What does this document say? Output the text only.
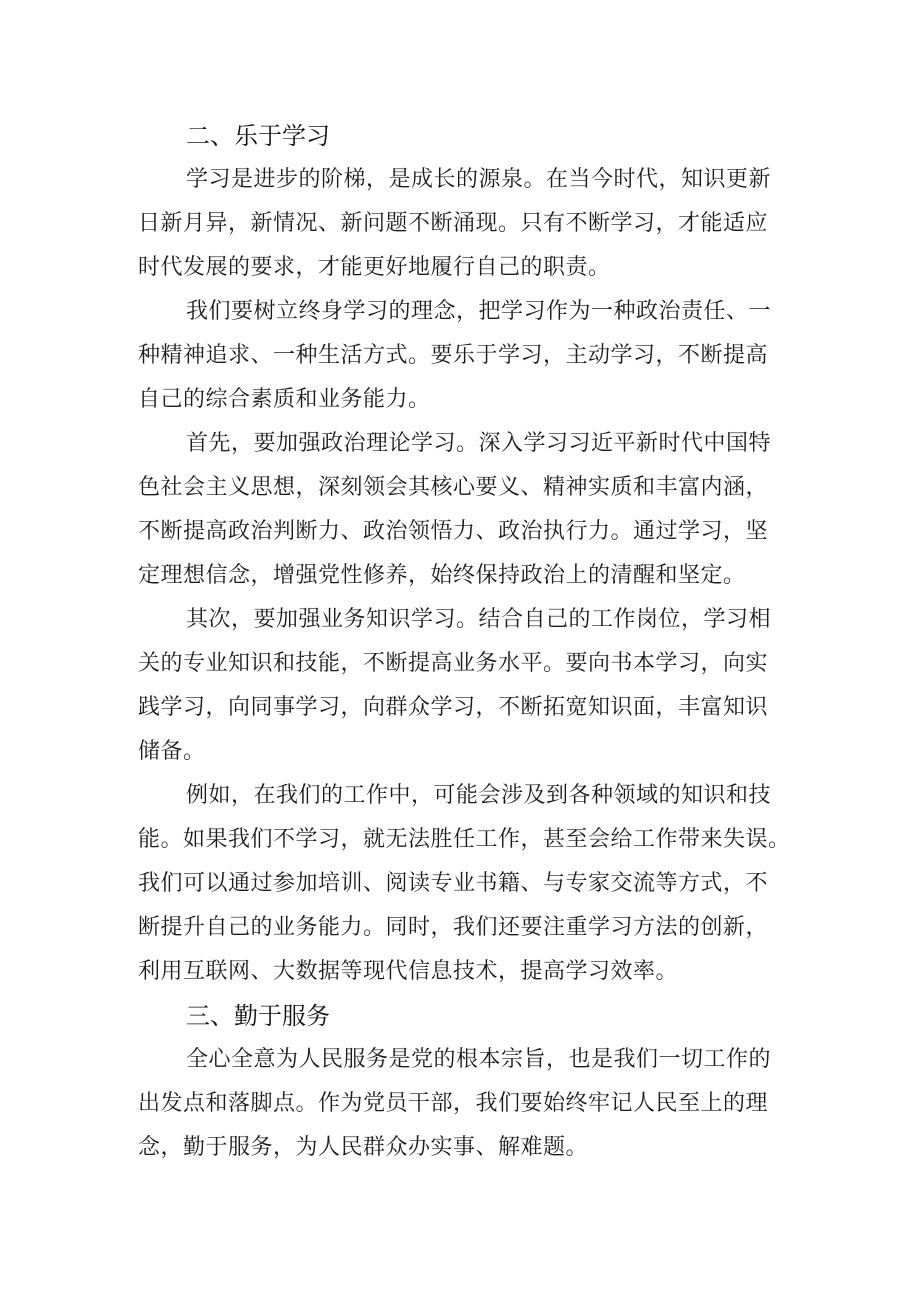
二、乐于学习

学习是进步的阶梯，是成长的源泉。在当今时代，知识更新
日新月异，新情况、新问题不断涌现。只有不断学习，才能适应
时代发展的要求，才能更好地履行自己的职责。

我们要树立终身学习的理念，把学习作为一种政治责任、一
种精神追求、一种生活方式。要乐于学习，主动学习，不断提高
自己的综合素质和业务能力。

首先，要加强政治理论学习。深入学习习近平新时代中国特
色社会主义思想，深刻领会其核心要义、精神实质和丰富内涵，
不断提高政治判断力、政治领悟力、政治执行力。通过学习，坚
定理想信念，增强党性修养，始终保持政治上的清醒和坚定。

其次，要加强业务知识学习。结合自己的工作岗位，学习相
关的专业知识和技能，不断提高业务水平。要向书本学习，向实
践学习，向同事学习，向群众学习，不断拓宽知识面，丰富知识
储备。

例如，在我们的工作中，可能会涉及到各种领域的知识和技
能。如果我们不学习，就无法胜任工作，甚至会给工作带来失误。
我们可以通过参加培训、阅读专业书籍、与专家交流等方式，不
断提升自己的业务能力。同时，我们还要注重学习方法的创新，
利用互联网、大数据等现代信息技术，提高学习效率。

三、勤于服务

全心全意为人民服务是党的根本宗旨，也是我们一切工作的
出发点和落脚点。作为党员干部，我们要始终牢记人民至上的理
念，勤于服务，为人民群众办实事、解难题。
